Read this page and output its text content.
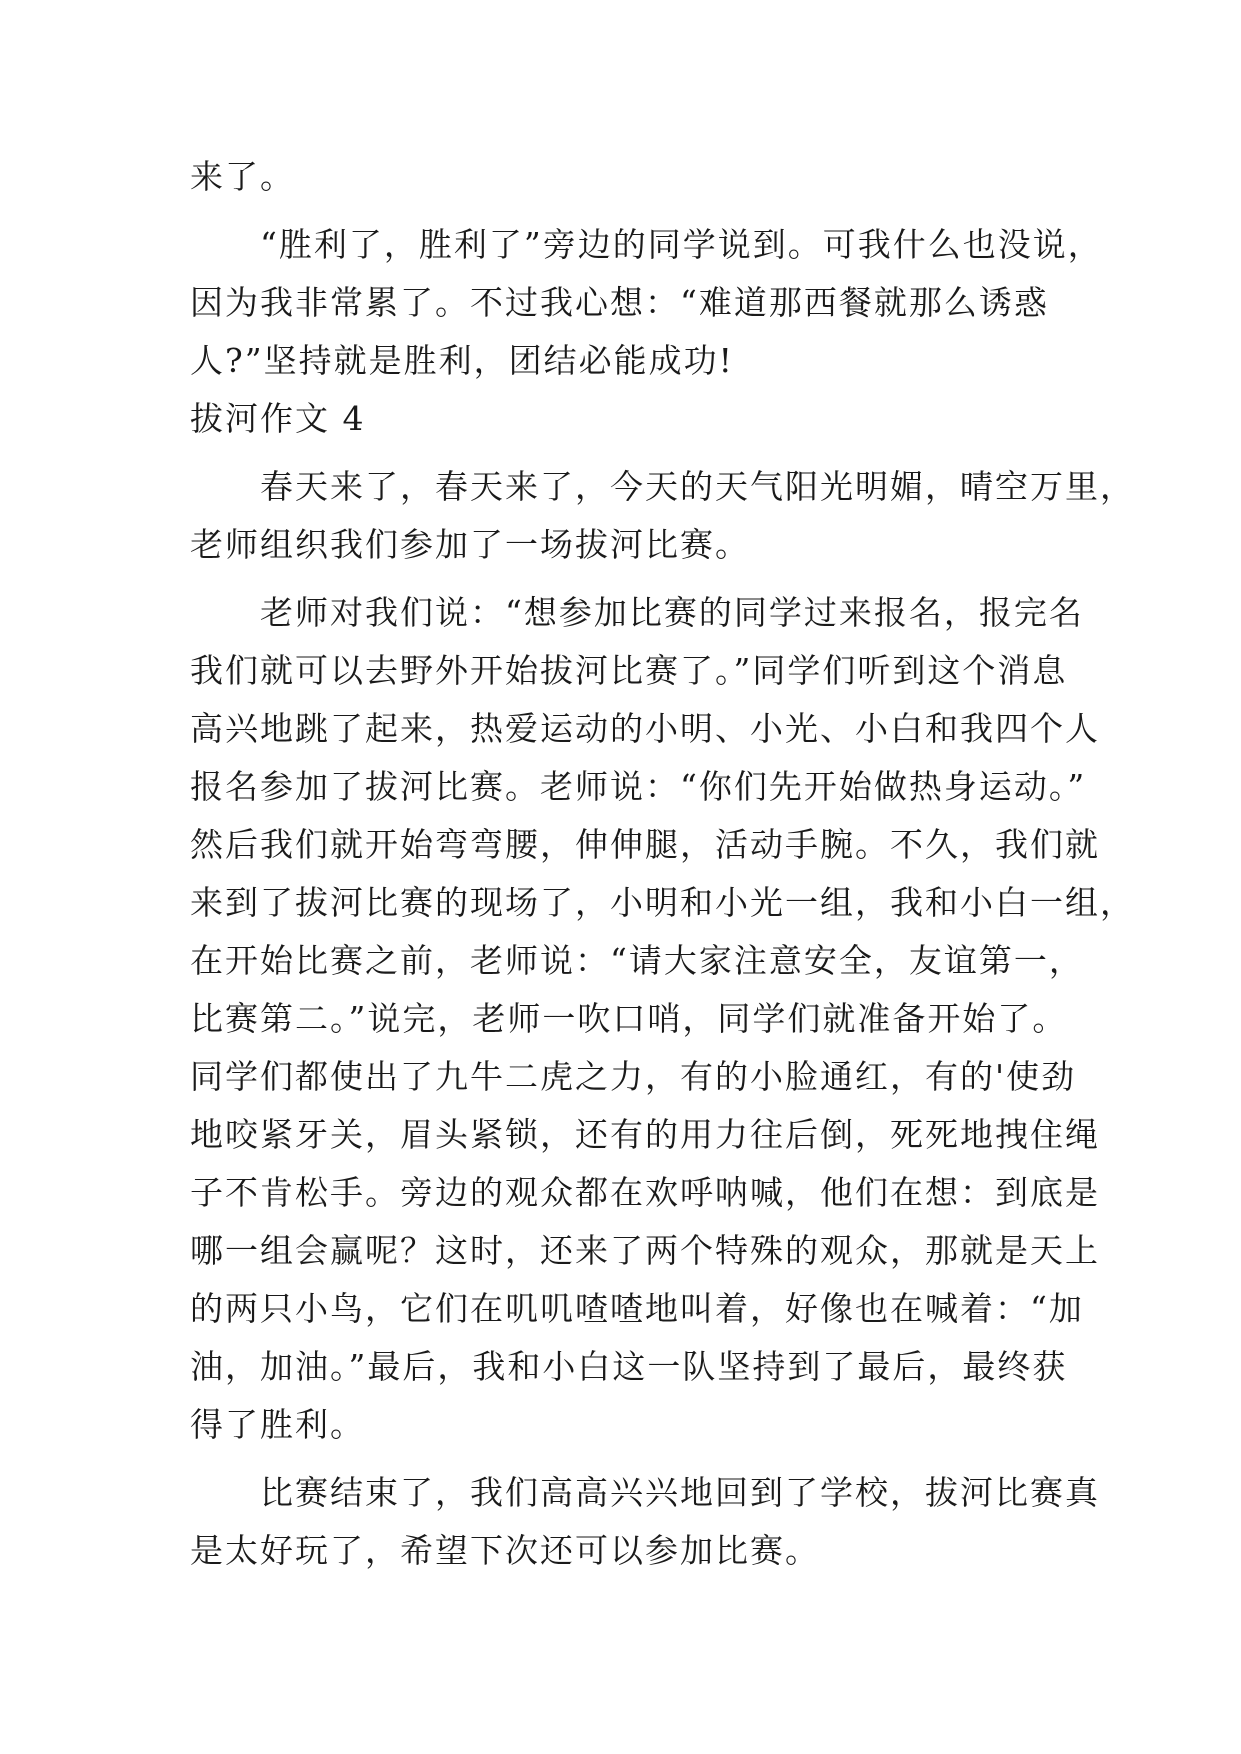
来了。
　　“胜利了，胜利了”旁边的同学说到。可我什么也没说，
因为我非常累了。不过我心想：“难道那西餐就那么诱惑
人?”坚持就是胜利，团结必能成功!
拔河作文 4
　　春天来了，春天来了，今天的天气阳光明媚，晴空万里，
老师组织我们参加了一场拔河比赛。
　　老师对我们说：“想参加比赛的同学过来报名，报完名
我们就可以去野外开始拔河比赛了。”同学们听到这个消息
高兴地跳了起来，热爱运动的小明、小光、小白和我四个人
报名参加了拔河比赛。老师说：“你们先开始做热身运动。”
然后我们就开始弯弯腰，伸伸腿，活动手腕。不久，我们就
来到了拔河比赛的现场了，小明和小光一组，我和小白一组，
在开始比赛之前，老师说：“请大家注意安全，友谊第一，
比赛第二。”说完，老师一吹口哨，同学们就准备开始了。
同学们都使出了九牛二虎之力，有的小脸通红，有的'使劲
地咬紧牙关，眉头紧锁，还有的用力往后倒，死死地拽住绳
子不肯松手。旁边的观众都在欢呼呐喊，他们在想：到底是
哪一组会赢呢？这时，还来了两个特殊的观众，那就是天上
的两只小鸟，它们在叽叽喳喳地叫着，好像也在喊着：“加
油，加油。”最后，我和小白这一队坚持到了最后，最终获
得了胜利。
　　比赛结束了，我们高高兴兴地回到了学校，拔河比赛真
是太好玩了，希望下次还可以参加比赛。
